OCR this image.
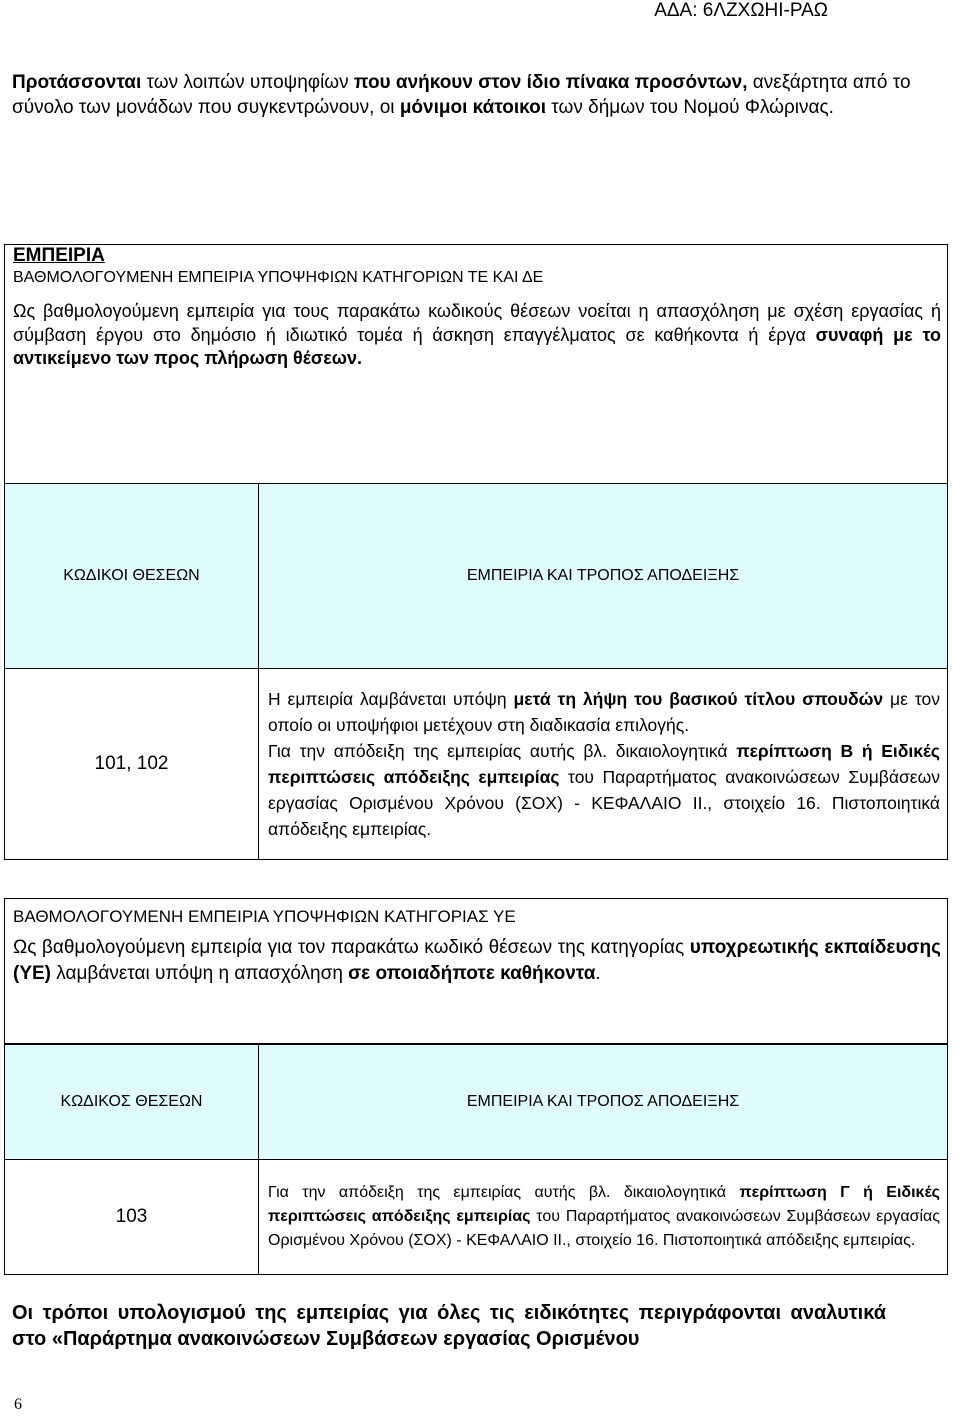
ΑΔΑ: 6ΛΖΧΩΗΙ-ΡΑΩ
Προτάσσονται των λοιπών υποψηφίων που ανήκουν στον ίδιο πίνακα προσόντων, ανεξάρτητα από το σύνολο των μονάδων που συγκεντρώνουν, οι μόνιμοι κάτοικοι των δήμων του Νομού Φλώρινας.
ΕΜΠΕΙΡΙΑ
ΒΑΘΜΟΛΟΓΟΥΜΕΝΗ ΕΜΠΕΙΡΙΑ ΥΠΟΨΗΦΙΩΝ ΚΑΤΗΓΟΡΙΩΝ ΤΕ ΚΑΙ ΔΕ
Ως βαθμολογούμενη εμπειρία για τους παρακάτω κωδικούς θέσεων νοείται η απασχόληση με σχέση εργασίας ή σύμβαση έργου στο δημόσιο ή ιδιωτικό τομέα ή άσκηση επαγγέλματος σε καθήκοντα ή έργα συναφή με το αντικείμενο των προς πλήρωση θέσεων.
ΚΩΔΙΚΟΙ ΘΕΣΕΩΝ	ΕΜΠΕΙΡΙΑ ΚΑΙ ΤΡΟΠΟΣ ΑΠΟΔΕΙΞΗΣ
101, 102	Η εμπειρία λαμβάνεται υπόψη μετά τη λήψη του βασικού τίτλου σπουδών με τον οποίο οι υποψήφιοι μετέχουν στη διαδικασία επιλογής.

Για την απόδειξη της εμπειρίας αυτής βλ. δικαιολογητικά περίπτωση Β ή Ειδικές περιπτώσεις απόδειξης εμπειρίας του Παραρτήματος ανακοινώσεων Συμβάσεων εργασίας Ορισμένου Χρόνου (ΣΟΧ) - ΚΕΦΑΛΑΙΟ ΙΙ., στοιχείο 16. Πιστοποιητικά απόδειξης εμπειρίας.

ΒΑΘΜΟΛΟΓΟΥΜΕΝΗ ΕΜΠΕΙΡΙΑ ΥΠΟΨΗΦΙΩΝ ΚΑΤΗΓΟΡΙΑΣ ΥΕ
Ως βαθμολογούμενη εμπειρία για τον παρακάτω κωδικό θέσεων της κατηγορίας υποχρεωτικής εκπαίδευσης (ΥΕ) λαμβάνεται υπόψη η απασχόληση σε οποιαδήποτε καθήκοντα.
ΚΩΔΙΚΟΣ ΘΕΣΕΩΝ	ΕΜΠΕΙΡΙΑ ΚΑΙ ΤΡΟΠΟΣ ΑΠΟΔΕΙΞΗΣ
103	Για την απόδειξη της εμπειρίας αυτής βλ. δικαιολογητικά περίπτωση Γ ή Ειδικές περιπτώσεις απόδειξης εμπειρίας του Παραρτήματος ανακοινώσεων Συμβάσεων εργασίας Ορισμένου Χρόνου (ΣΟΧ) - ΚΕΦΑΛΑΙΟ ΙΙ., στοιχείο 16. Πιστοποιητικά απόδειξης εμπειρίας.

Οι τρόποι υπολογισμού της εμπειρίας για όλες τις ειδικότητες περιγράφονται αναλυτικά στο «Παράρτημα ανακοινώσεων Συμβάσεων εργασίας Ορισμένου
6
